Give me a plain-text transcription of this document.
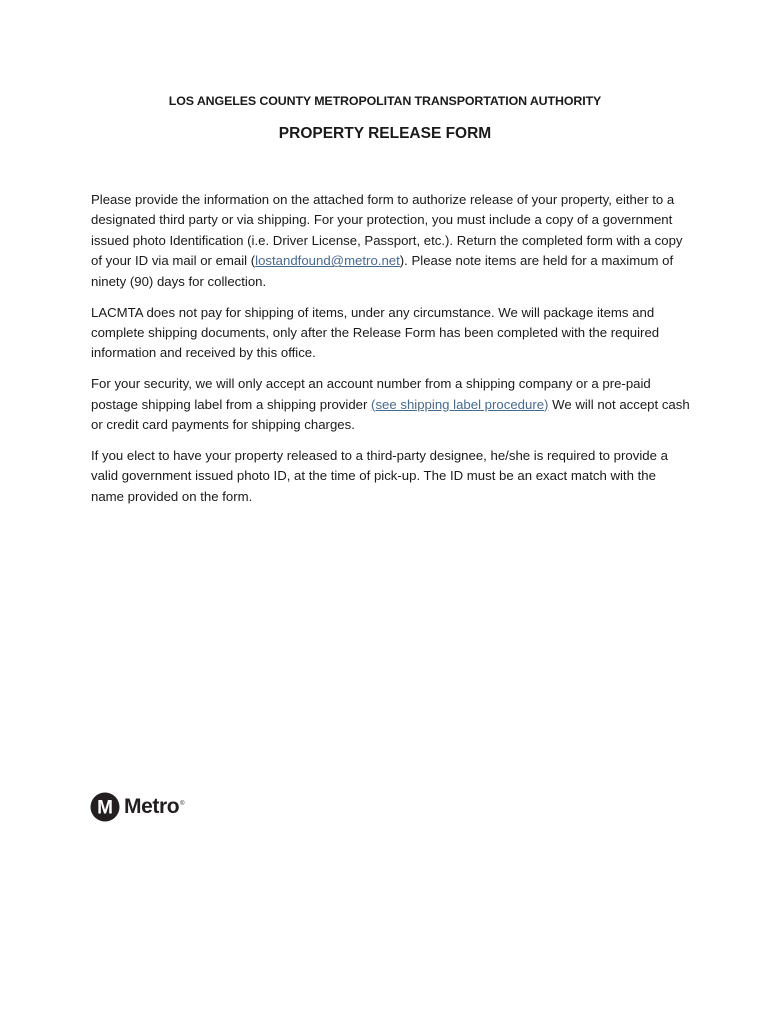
LOS ANGELES COUNTY METROPOLITAN TRANSPORTATION AUTHORITY
PROPERTY RELEASE FORM

Please provide the information on the attached form to authorize release of your property, either to a designated third party or via shipping. For your protection, you must include a copy of a government issued photo Identification (i.e. Driver License, Passport, etc.). Return the completed form with a copy of your ID via mail or email (lostandfound@metro.net). Please note items are held for a maximum of ninety (90) days for collection.

LACMTA does not pay for shipping of items, under any circumstance. We will package items and complete shipping documents, only after the Release Form has been completed with the required information and received by this office.

For your security, we will only accept an account number from a shipping company or a pre-paid postage shipping label from a shipping provider (see shipping label procedure) We will not accept cash or credit card payments for shipping charges.

If you elect to have your property released to a third-party designee, he/she is required to provide a valid government issued photo ID, at the time of pick-up. The ID must be an exact match with the name provided on the form.

M Metro ®
